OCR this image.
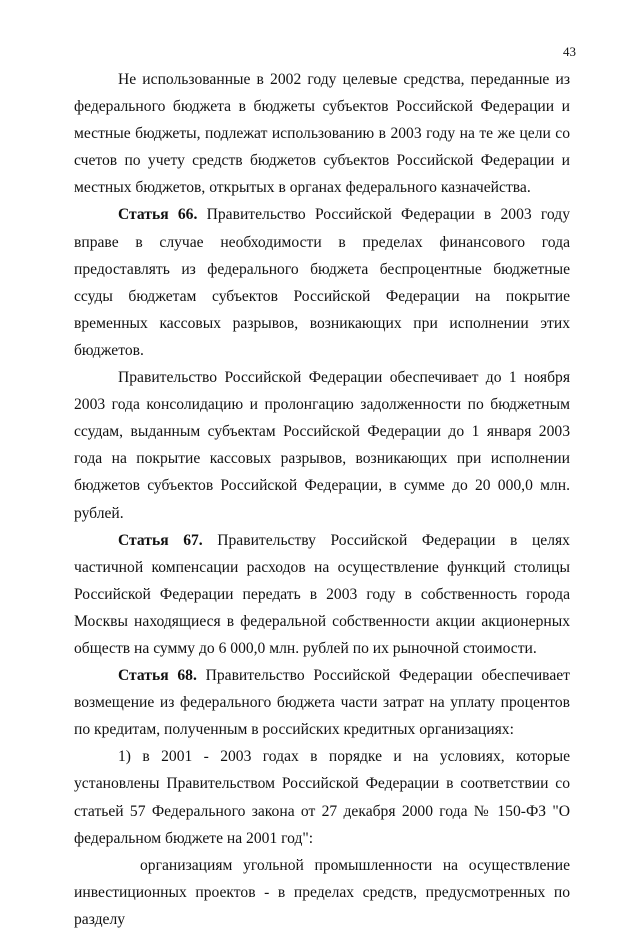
43

Не использованные в 2002 году целевые средства, переданные из федерального бюджета в бюджеты субъектов Российской Федерации и местные бюджеты, подлежат использованию в 2003 году на те же цели со счетов по учету средств бюджетов субъектов Российской Федерации и местных бюджетов, открытых в органах федерального казначейства.

Статья 66. Правительство Российской Федерации в 2003 году вправе в случае необходимости в пределах финансового года предоставлять из федерального бюджета беспроцентные бюджетные ссуды бюджетам субъектов Российской Федерации на покрытие временных кассовых разрывов, возникающих при исполнении этих бюджетов.

Правительство Российской Федерации обеспечивает до 1 ноября 2003 года консолидацию и пролонгацию задолженности по бюджетным ссудам, выданным субъектам Российской Федерации до 1 января 2003 года на покрытие кассовых разрывов, возникающих при исполнении бюджетов субъектов Российской Федерации, в сумме до 20 000,0 млн. рублей.

Статья 67. Правительству Российской Федерации в целях частичной компенсации расходов на осуществление функций столицы Российской Федерации передать в 2003 году в собственность города Москвы находящиеся в федеральной собственности акции акционерных обществ на сумму до 6 000,0 млн. рублей по их рыночной стоимости.

Статья 68. Правительство Российской Федерации обеспечивает возмещение из федерального бюджета части затрат на уплату процентов по кредитам, полученным в российских кредитных организациях:

1) в 2001 - 2003 годах в порядке и на условиях, которые установлены Правительством Российской Федерации в соответствии со статьей 57 Федерального закона от 27 декабря 2000 года № 150-ФЗ "О федеральном бюджете на 2001 год":

организациям угольной промышленности на осуществление инвестиционных проектов - в пределах средств, предусмотренных по разделу
